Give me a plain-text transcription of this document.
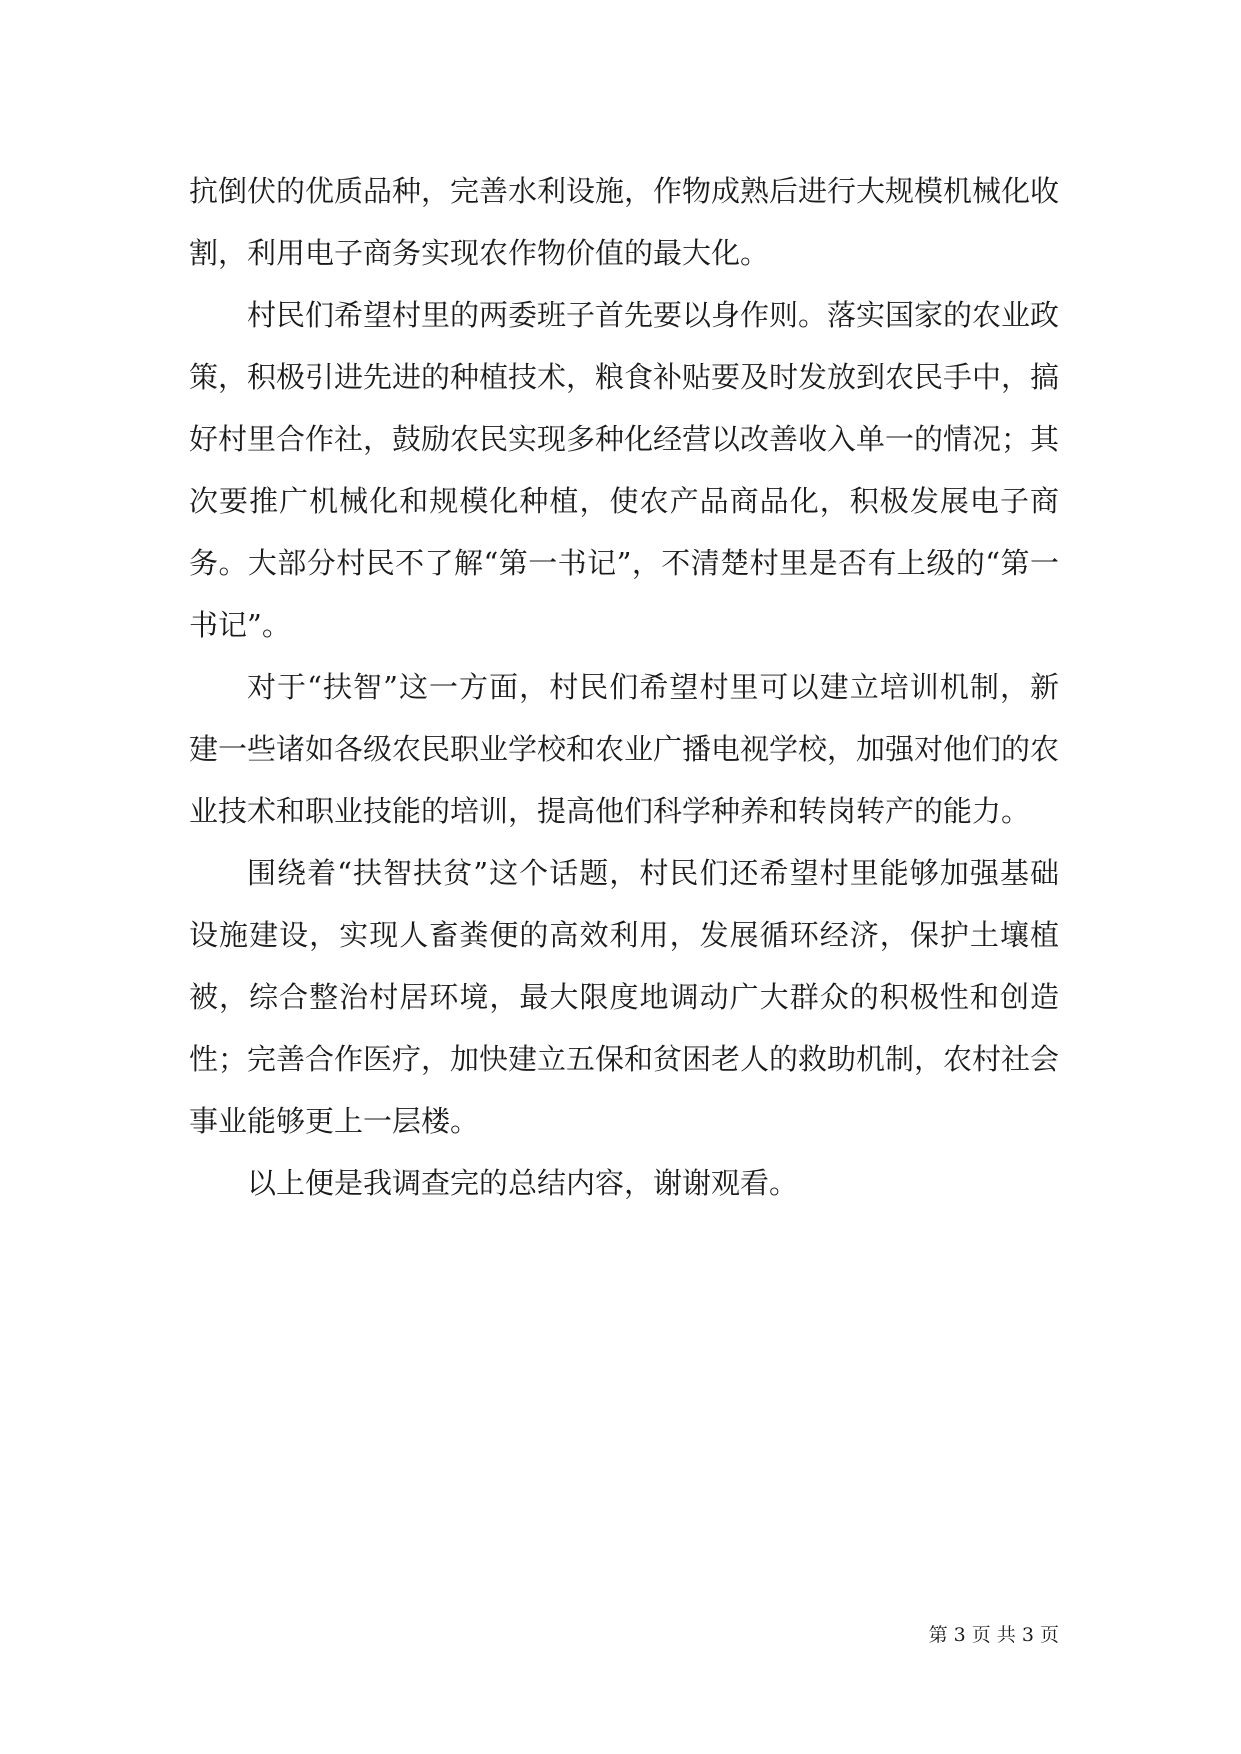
抗倒伏的优质品种，完善水利设施，作物成熟后进行大规模机械化收割，利用电子商务实现农作物价值的最大化。

村民们希望村里的两委班子首先要以身作则。落实国家的农业政策，积极引进先进的种植技术，粮食补贴要及时发放到农民手中，搞好村里合作社，鼓励农民实现多种化经营以改善收入单一的情况；其次要推广机械化和规模化种植，使农产品商品化，积极发展电子商务。大部分村民不了解“第一书记”，不清楚村里是否有上级的“第一书记”。

对于“扶智”这一方面，村民们希望村里可以建立培训机制，新建一些诸如各级农民职业学校和农业广播电视学校，加强对他们的农业技术和职业技能的培训，提高他们科学种养和转岗转产的能力。

围绕着“扶智扶贫”这个话题，村民们还希望村里能够加强基础设施建设，实现人畜粪便的高效利用，发展循环经济，保护土壤植被，综合整治村居环境，最大限度地调动广大群众的积极性和创造性；完善合作医疗，加快建立五保和贫困老人的救助机制，农村社会事业能够更上一层楼。

以上便是我调查完的总结内容，谢谢观看。

第 3 页 共 3 页
